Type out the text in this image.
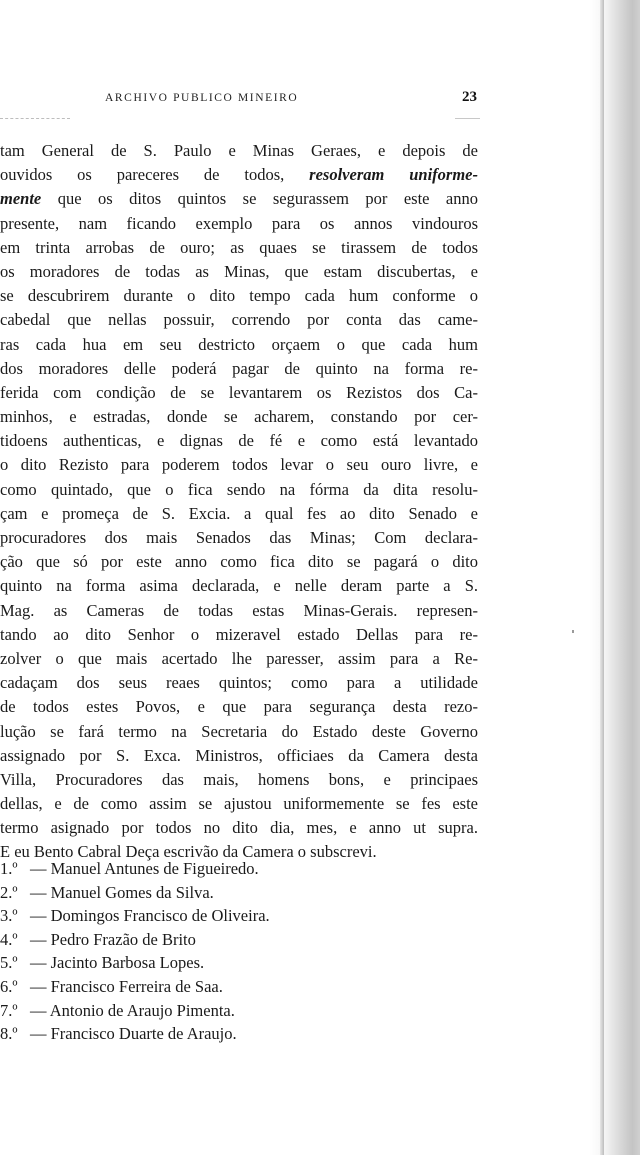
ARCHIVO PUBLICO MINEIRO	23
tam General de S. Paulo e Minas Geraes, e depois de
ouvidos os pareceres de todos, resolveram uniforme-
mente que os ditos quintos se segurassem por este anno
presente, nam ficando exemplo para os annos vindouros
em trinta arrobas de ouro; as quaes se tirassem de todos
os moradores de todas as Minas, que estam discubertas, e
se descubrirem durante o dito tempo cada hum conforme o
cabedal que nellas possuir, correndo por conta das came-
ras cada hua em seu destricto orçaem o que cada hum
dos moradores delle poderá pagar de quinto na forma re-
ferida com condição de se levantarem os Rezistos dos Ca-
minhos, e estradas, donde se acharem, constando por cer-
tidoens authenticas, e dignas de fé e como está levantado
o dito Rezisto para poderem todos levar o seu ouro livre, e
como quintado, que o fica sendo na fórma da dita resolu-
çam e promeça de S. Excia. a qual fes ao dito Senado e
procuradores dos mais Senados das Minas; Com declara-
ção que só por este anno como fica dito se pagará o dito
quinto na forma asima declarada, e nelle deram parte a S.
Mag. as Cameras de todas estas Minas-Gerais. represen-
tando ao dito Senhor o mizeravel estado Dellas para re-
zolver o que mais acertado lhe paresser, assim para a Re-
cadaçam dos seus reaes quintos; como para a utilidade
de todos estes Povos, e que para segurança desta rezo-
lução se fará termo na Secretaria do Estado deste Governo
assignado por S. Exca. Ministros, officiaes da Camera desta
Villa, Procuradores das mais, homens bons, e principaes
dellas, e de como assim se ajustou uniformemente se fes este
termo asignado por todos no dito dia, mes, e anno ut supra.
E eu Bento Cabral Deça escrivão da Camera o subscrevi.
1.º — Manuel Antunes de Figueiredo.
2.º — Manuel Gomes da Silva.
3.º — Domingos Francisco de Oliveira.
4.º — Pedro Frazão de Brito
5.º — Jacinto Barbosa Lopes.
6.º — Francisco Ferreira de Saa.
7.º — Antonio de Araujo Pimenta.
8.º — Francisco Duarte de Araujo.
